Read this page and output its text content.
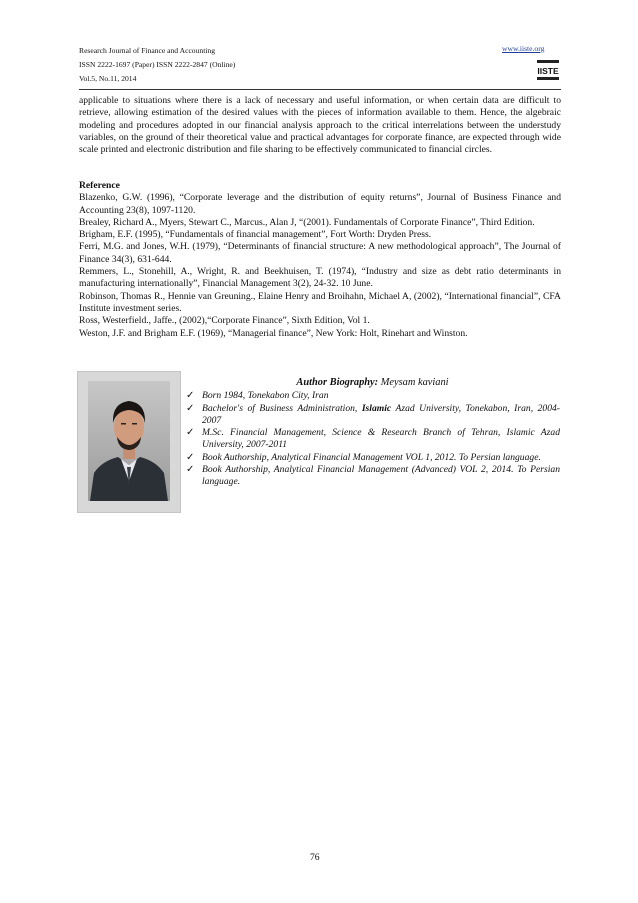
Research Journal of Finance and Accounting
ISSN 2222-1697 (Paper) ISSN 2222-2847 (Online)
Vol.5, No.11, 2014
www.iiste.org
IISTE

applicable to situations where there is a lack of necessary and useful information, or when certain data are difficult to retrieve, allowing estimation of the desired values with the pieces of information available to them. Hence, the algebraic modeling and procedures adopted in our financial analysis approach to the critical interrelations between the understudy variables, on the ground of their theoretical value and practical advantages for corporate finance, are expected through wide scale printed and electronic distribution and file sharing to be effectively communicated to financial circles.

Reference

Blazenko, G.W. (1996), “Corporate leverage and the distribution of equity returns”, Journal of Business Finance and Accounting 23(8), 1097-1120.

Brealey, Richard A., Myers, Stewart C., Marcus., Alan J, “(2001). Fundamentals of Corporate Finance”, Third Edition.

Brigham, E.F. (1995), “Fundamentals of financial management”, Fort Worth: Dryden Press.

Ferri, M.G. and Jones, W.H. (1979), “Determinants of financial structure: A new methodological approach”, The Journal of Finance 34(3), 631-644.

Remmers, L., Stonehill, A., Wright, R. and Beekhuisen, T. (1974), “Industry and size as debt ratio determinants in manufacturing internationally”, Financial Management 3(2), 24-32. 10 June.

Robinson, Thomas R., Hennie van Greuning., Elaine Henry and Broihahn, Michael A, (2002), “International financial”, CFA Institute investment series.

Ross, Westerfield., Jaffe., (2002),“Corporate Finance”, Sixth Edition, Vol 1.

Weston, J.F. and Brigham E.F. (1969), “Managerial finance”, New York: Holt, Rinehart and Winston.

Author Biography: Meysam kaviani
✓ Born 1984, Tonekabon City, Iran
✓ Bachelor's of Business Administration, Islamic Azad University, Tonekabon, Iran, 2004-2007
✓ M.Sc. Financial Management, Science & Research Branch of Tehran, Islamic Azad University, 2007-2011
✓ Book Authorship, Analytical Financial Management VOL 1, 2012. To Persian language.
✓ Book Authorship, Analytical Financial Management (Advanced) VOL 2, 2014. To Persian language.
76
